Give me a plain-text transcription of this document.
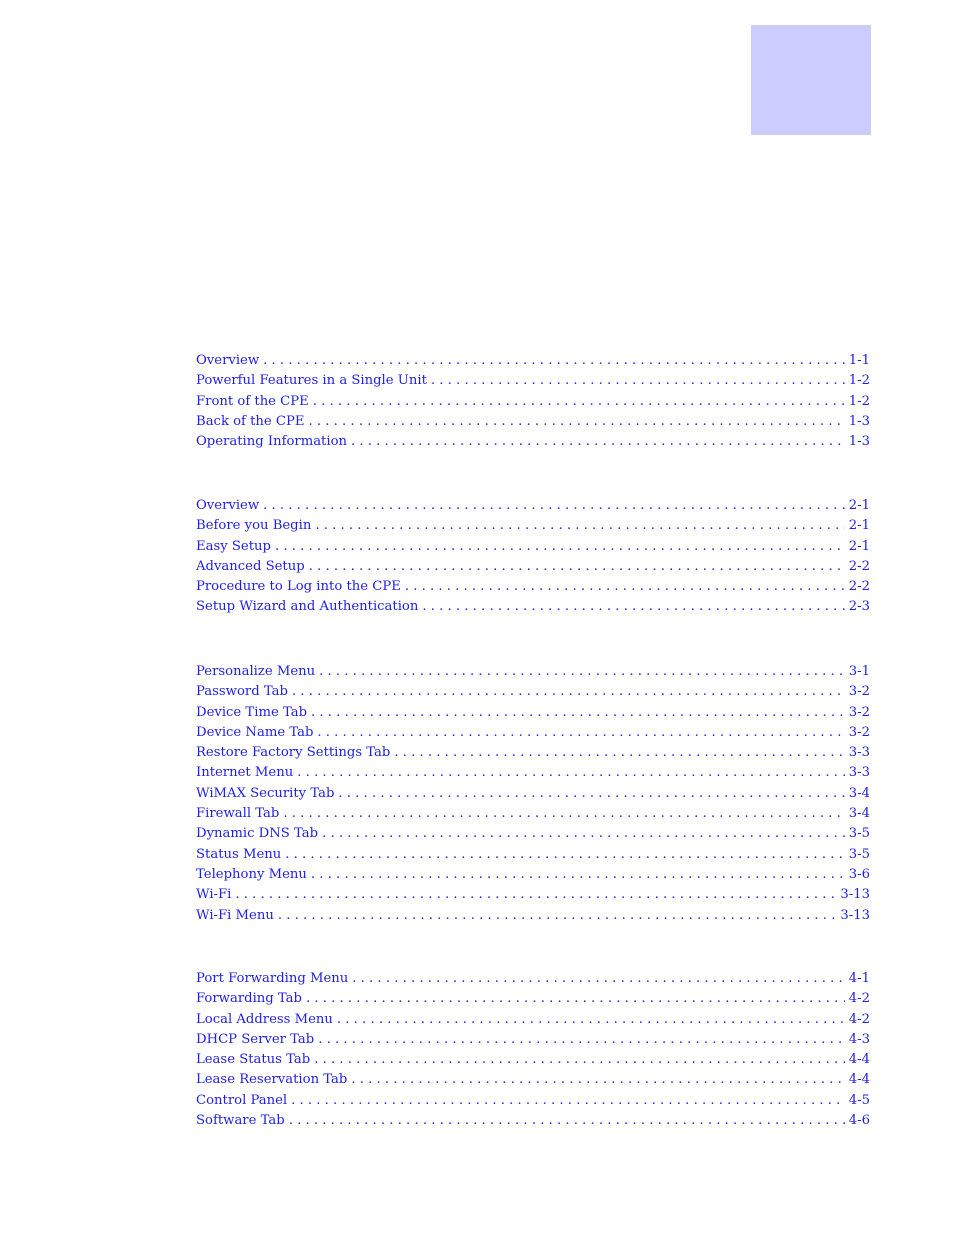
Overview . . .	1-1
Powerful Features in a Single Unit . . .	1-2
Front of the CPE . . .	1-2
Back of the CPE . . .	1-3
Operating Information . . .	1-3
Overview . . .	2-1
Before you Begin . . .	2-1
Easy Setup . . .	2-1
Advanced Setup . . .	2-2
Procedure to Log into the CPE . . .	2-2
Setup Wizard and Authentication . . .	2-3
Personalize Menu . . .	3-1
Password Tab . . .	3-2
Device Time Tab . . .	3-2
Device Name Tab . . .	3-2
Restore Factory Settings Tab . . .	3-3
Internet Menu . . .	3-3
WiMAX Security Tab . . .	3-4
Firewall Tab . . .	3-4
Dynamic DNS Tab . . .	3-5
Status Menu . . .	3-5
Telephony Menu . . .	3-6
Wi-Fi . . .	3-13
Wi-Fi Menu . . .	3-13
Port Forwarding Menu . . .	4-1
Forwarding Tab . . .	4-2
Local Address Menu . . .	4-2
DHCP Server Tab . . .	4-3
Lease Status Tab . . .	4-4
Lease Reservation Tab . . .	4-4
Control Panel . . .	4-5
Software Tab . . .	4-6
